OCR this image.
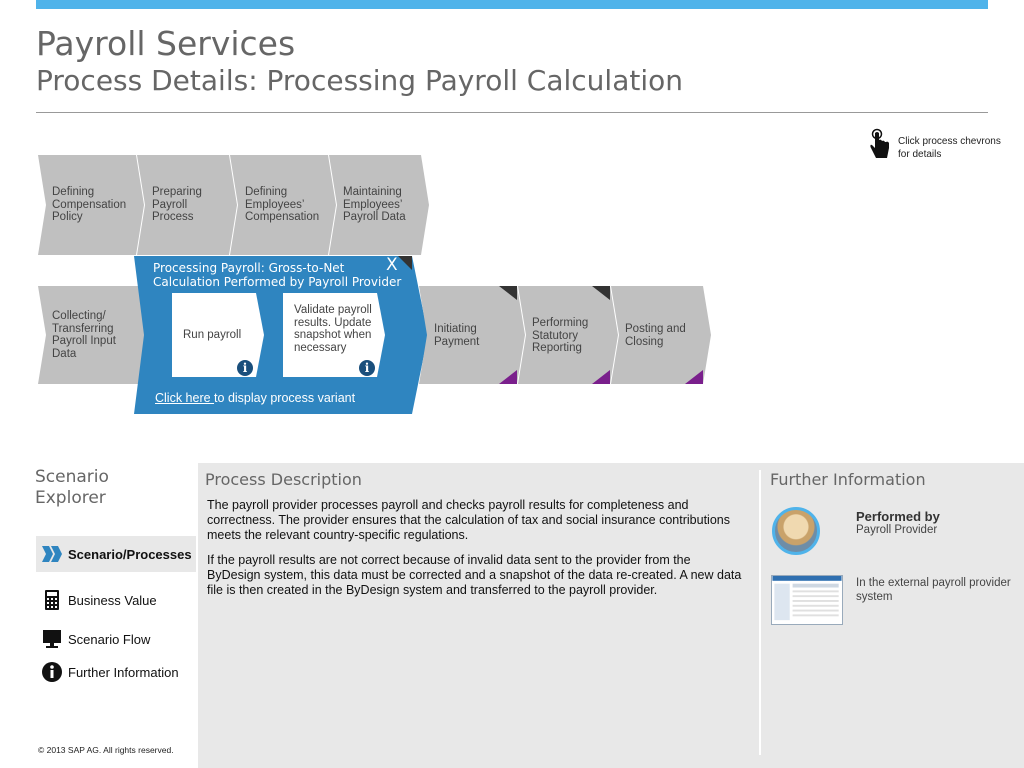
Payroll Services
Process Details: Processing Payroll Calculation
Click process chevrons for details
Defining Compensation Policy
Preparing Payroll Process
Defining Employees’ Compensation
Maintaining Employees’ Payroll Data
Collecting/ Transferring Payroll Input Data
Processing Payroll: Gross-to-Net Calculation Performed by Payroll Provider
X
Run payroll
i
Validate payroll results. Update snapshot when necessary
i
Click here to display process variant
Initiating Payment
Performing Statutory Reporting
Posting and Closing
Scenario Explorer
Scenario/Processes
Business Value
Scenario Flow
Further Information
© 2013 SAP AG. All rights reserved.
Process Description
The payroll provider processes payroll and checks payroll results for completeness and correctness. The provider ensures that the calculation of tax and social insurance contributions meets the relevant country-specific regulations.
If the payroll results are not correct because of invalid data sent to the provider from the ByDesign system, this data must be corrected and a snapshot of the data re-created. A new data file is then created in the ByDesign system and transferred to the payroll provider.
Further Information
Performed by
Payroll Provider
In the external payroll provider system
